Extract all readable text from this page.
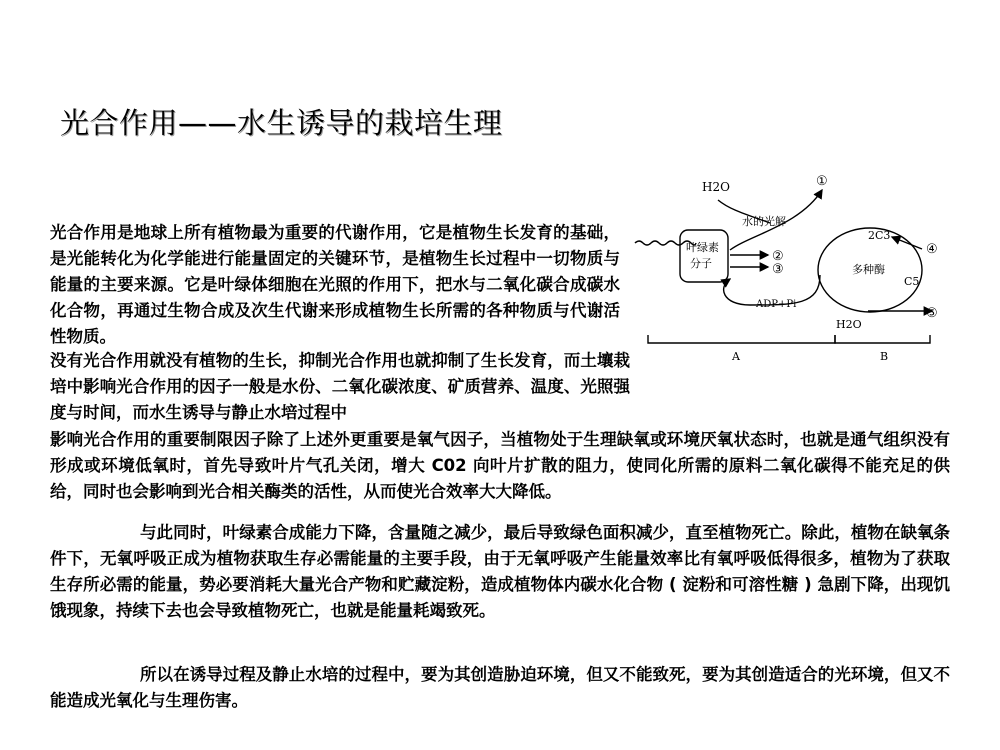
光合作用——水生诱导的栽培生理

光合作用是地球上所有植物最为重要的代谢作用，它是植物生长发育的基础，是光能转化为化学能进行能量固定的关键环节，是植物生长过程中一切物质与能量的主要来源。它是叶绿体细胞在光照的作用下，把水与二氧化碳合成碳水化合物，再通过生物合成及次生代谢来形成植物生长所需的各种物质与代谢活性物质。

没有光合作用就没有植物的生长，抑制光合作用也就抑制了生长发育，而土壤栽培中影响光合作用的因子一般是水份、二氧化碳浓度、矿质营养、温度、光照强度与时间，而水生诱导与静止水培过程中

影响光合作用的重要制限因子除了上述外更重要是氧气因子，当植物处于生理缺氧或环境厌氧状态时，也就是通气组织没有形成或环境低氧时，首先导致叶片气孔关闭，增大 C02 向叶片扩散的阻力，使同化所需的原料二氧化碳得不能充足的供给，同时也会影响到光合相关酶类的活性，从而使光合效率大大降低。

与此同时，叶绿素合成能力下降，含量随之减少，最后导致绿色面积减少，直至植物死亡。除此，植物在缺氧条件下，无氧呼吸正成为植物获取生存必需能量的主要手段，由于无氧呼吸产生能量效率比有氧呼吸低得很多，植物为了获取生存所必需的能量，势必要消耗大量光合产物和贮藏淀粉，造成植物体内碳水化合物 ( 淀粉和可溶性糖 ) 急剧下降，出现饥饿现象，持续下去也会导致植物死亡，也就是能量耗竭致死。

所以在诱导过程及静止水培的过程中，要为其创造胁迫环境，但又不能致死，要为其创造适合的光环境，但又不能造成光氧化与生理伤害。

H2O	①
水的光解
叶绿素
分子	②
③
2C3
④
多种酶
C5
ADP+Pi
⑤
H2O
A	B
